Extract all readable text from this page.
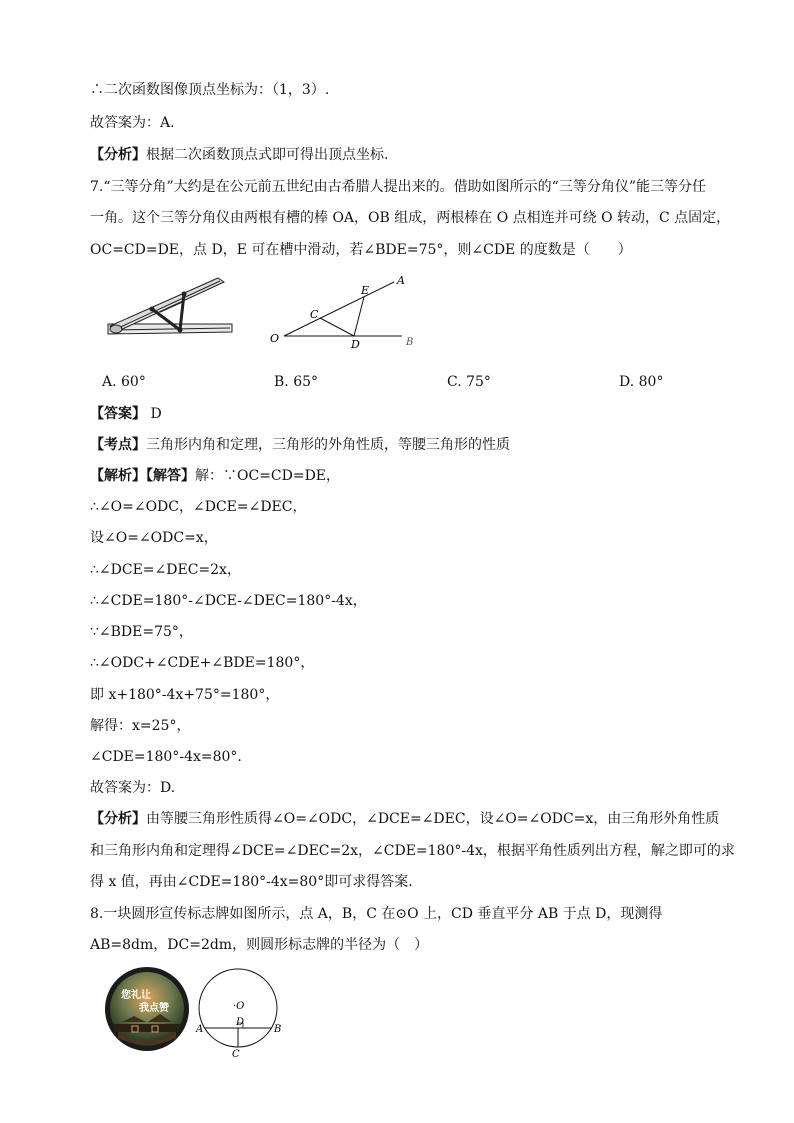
∴二次函数图像顶点坐标为：（1，3）.
故答案为：A.
【分析】根据二次函数顶点式即可得出顶点坐标.
7.“三等分角”大约是在公元前五世纪由古希腊人提出来的。借助如图所示的“三等分角仪”能三等分任
一角。这个三等分角仪由两根有槽的棒 OA，OB 组成，两根棒在 O 点相连并可绕 O 转动，C 点固定，
OC=CD=DE，点 D，E 可在槽中滑动，若∠BDE=75°，则∠CDE 的度数是（　　）
O
C
E
A
D	B
A. 60°	B. 65°	C. 75°	D. 80°
【答案】 D
【考点】三角形内角和定理，三角形的外角性质，等腰三角形的性质
【解析】【解答】解：∵OC=CD=DE，
∴∠O=∠ODC，∠DCE=∠DEC，
设∠O=∠ODC=x，
∴∠DCE=∠DEC=2x，
∴∠CDE=180°-∠DCE-∠DEC=180°-4x，
∵∠BDE=75°，
∴∠ODC+∠CDE+∠BDE=180°，
即 x+180°-4x+75°=180°，
解得：x=25°，
∠CDE=180°-4x=80°.
故答案为：D.
【分析】由等腰三角形性质得∠O=∠ODC，∠DCE=∠DEC，设∠O=∠ODC=x，由三角形外角性质
和三角形内角和定理得∠DCE=∠DEC=2x，∠CDE=180°-4x，根据平角性质列出方程，解之即可的求
得 x 值，再由∠CDE=180°-4x=80°即可求得答案.
8.一块圆形宣传标志牌如图所示，点 A，B，C 在⊙O 上，CD 垂直平分 AB 于点 D，现测得
AB=8dm，DC=2dm，则圆形标志牌的半径为（　）
您礼让
我点赞	·O
D
A	B
C
